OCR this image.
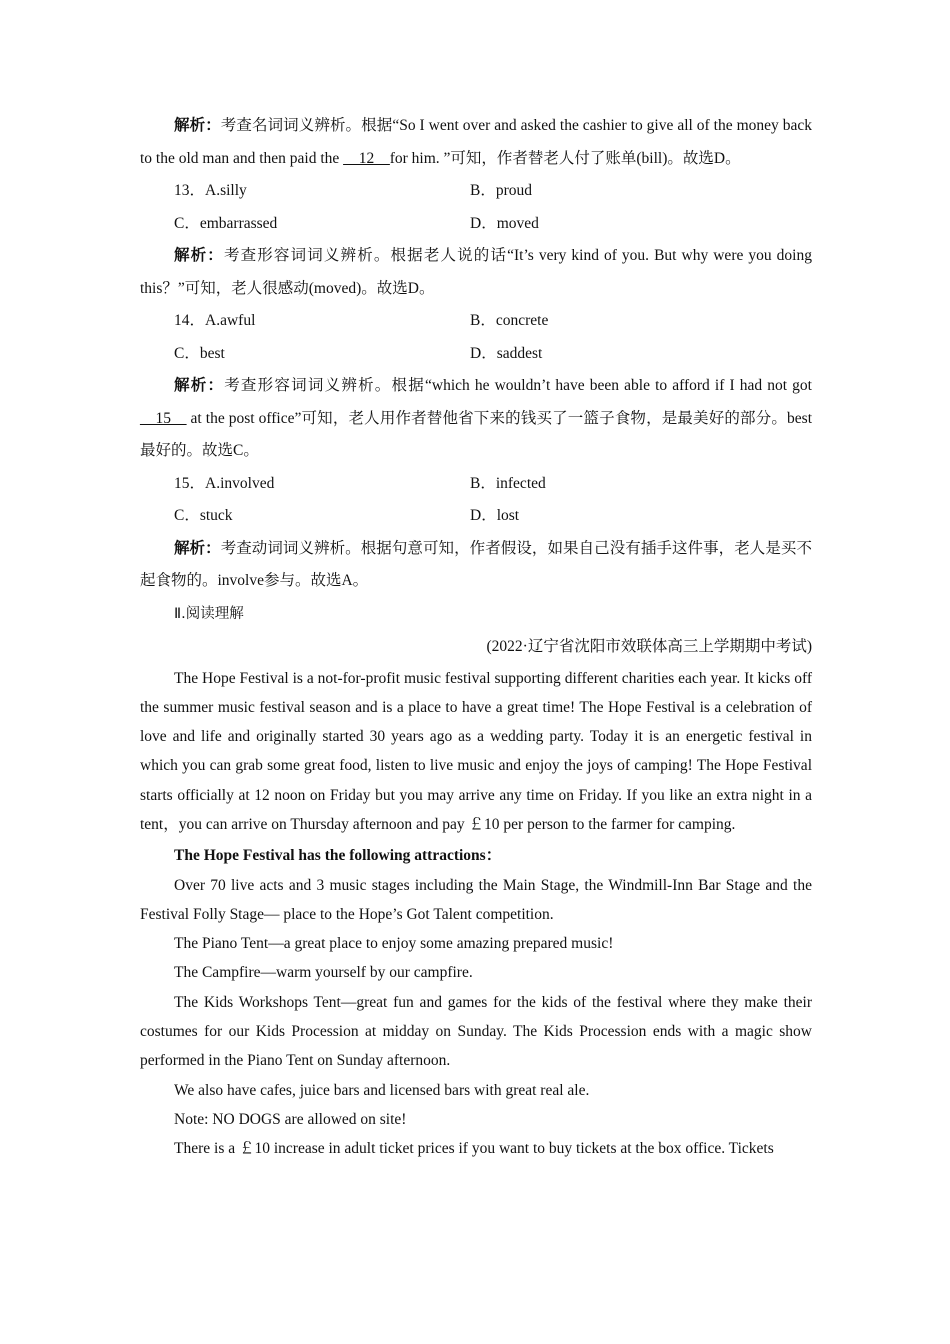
解析：考查名词词义辨析。根据“So I went over and asked the cashier to give all of the money back to the old man and then paid the __12__for him. ”可知，作者替老人付了账单(bill)。故选D。

13．A.silly	B．proud
C．embarrassed	D．moved

解析：考查形容词词义辨析。根据老人说的话“It’s very kind of you. But why were you doing this？”可知，老人很感动(moved)。故选D。

14．A.awful	B．concrete
C．best	D．saddest

解析：考查形容词词义辨析。根据“which he wouldn’t have been able to afford if I had not got __15__ at the post office”可知，老人用作者替他省下来的钱买了一篮子食物，是最美好的部分。best最好的。故选C。

15．A.involved	B．infected
C．stuck	D．lost

解析：考查动词词义辨析。根据句意可知，作者假设，如果自己没有插手这件事，老人是买不起食物的。involve参与。故选A。

Ⅱ.阅读理解

(2022·辽宁省沈阳市效联体高三上学期期中考试)

The Hope Festival is a not-for-profit music festival supporting different charities each year. It kicks off the summer music festival season and is a place to have a great time! The Hope Festival is a celebration of love and life and originally started 30 years ago as a wedding party. Today it is an energetic festival in which you can grab some great food, listen to live music and enjoy the joys of camping! The Hope Festival starts officially at 12 noon on Friday but you may arrive any time on Friday. If you like an extra night in a tent，you can arrive on Thursday afternoon and pay ￡10 per person to the farmer for camping.

The Hope Festival has the following attractions：

Over 70 live acts and 3 music stages including the Main Stage, the Windmill-Inn Bar Stage and the Festival Folly Stage— place to the Hope’s Got Talent competition.

The Piano Tent—a great place to enjoy some amazing prepared music!

The Campfire—warm yourself by our campfire.

The Kids Workshops Tent—great fun and games for the kids of the festival where they make their costumes for our Kids Procession at midday on Sunday. The Kids Procession ends with a magic show performed in the Piano Tent on Sunday afternoon.

We also have cafes, juice bars and licensed bars with great real ale.

Note: NO DOGS are allowed on site!

There is a ￡10 increase in adult ticket prices if you want to buy tickets at the box office. Tickets
